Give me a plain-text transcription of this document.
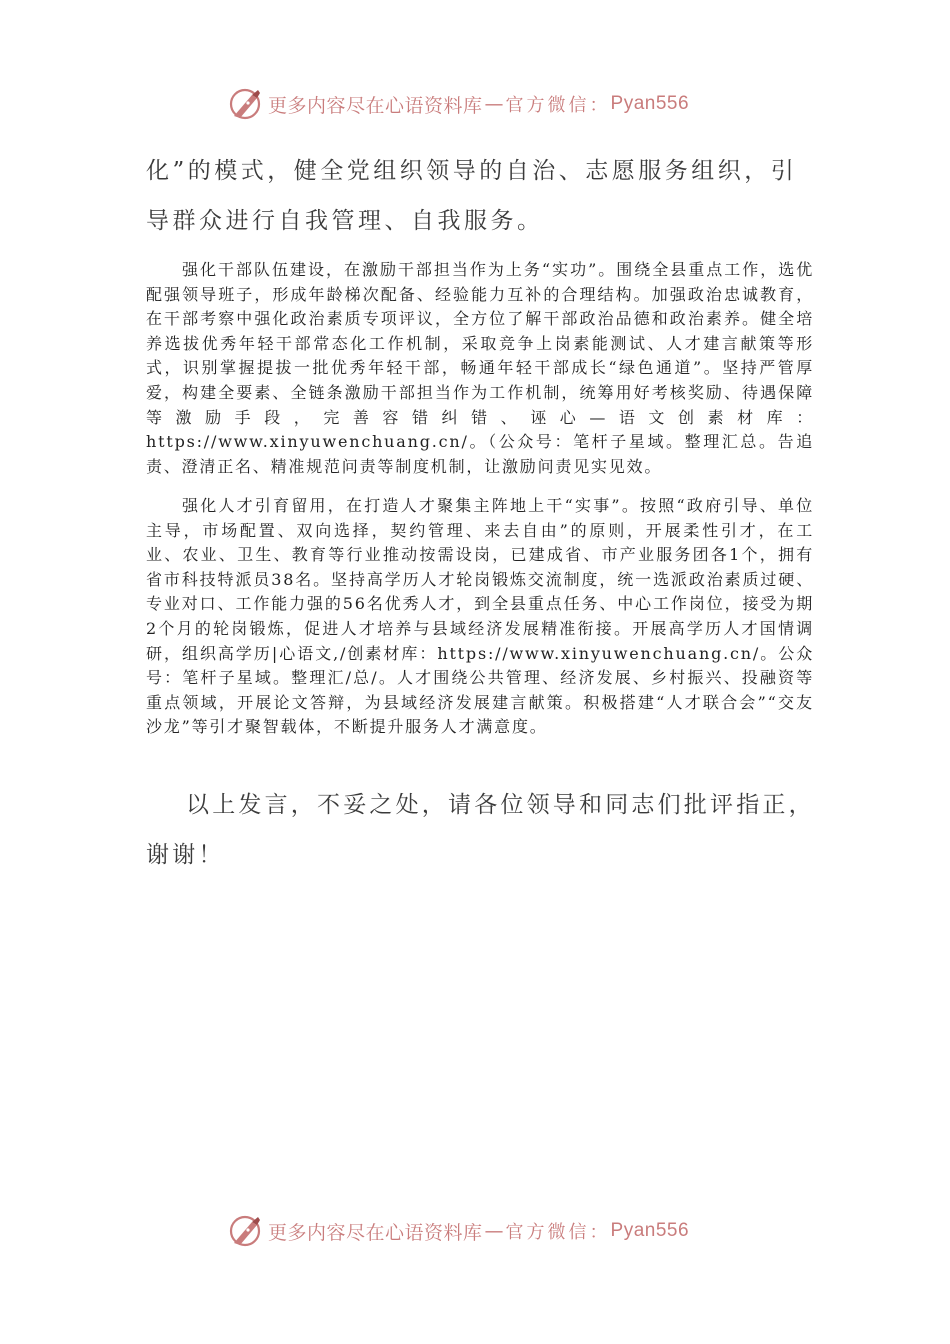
更多内容尽在心语资料库 — 官方微信： Pyan556

化”的模式，健全党组织领导的自治、志愿服务组织，引导群众进行自我管理、自我服务。

强化干部队伍建设，在激励干部担当作为上务“实功”。围绕全县重点工作，选优配强领导班子，形成年龄梯次配备、经验能力互补的合理结构。加强政治忠诚教育，在干部考察中强化政治素质专项评议，全方位了解干部政治品德和政治素养。健全培养选拔优秀年轻干部常态化工作机制，采取竞争上岗素能测试、人才建言献策等形式，识别掌握提拔一批优秀年轻干部，畅通年轻干部成长“绿色通道”。坚持严管厚爱，构建全要素、全链条激励干部担当作为工作机制，统筹用好考核奖励、待遇保障等激励手段，完善容错纠错、诬心—语文创素材库：https://www.xinyuwenchuang.cn/。（公众号：笔杆子星域。整理汇总。告追责、澄清正名、精准规范问责等制度机制，让激励问责见实见效。

强化人才引育留用，在打造人才聚集主阵地上干“实事”。按照“政府引导、单位主导，市场配置、双向选择，契约管理、来去自由”的原则，开展柔性引才，在工业、农业、卫生、教育等行业推动按需设岗，已建成省、市产业服务团各1个，拥有省市科技特派员38名。坚持高学历人才轮岗锻炼交流制度，统一选派政治素质过硬、专业对口、工作能力强的56名优秀人才，到全县重点任务、中心工作岗位，接受为期2个月的轮岗锻炼，促进人才培养与县域经济发展精准衔接。开展高学历人才国情调研，组织高学历|心语文,/创素材库：https://www.xinyuwenchuang.cn/。公众号：笔杆子星域。整理汇/总/。人才围绕公共管理、经济发展、乡村振兴、投融资等重点领域，开展论文答辩，为县域经济发展建言献策。积极搭建“人才联合会”“交友沙龙”等引才聚智载体，不断提升服务人才满意度。

以上发言，不妥之处，请各位领导和同志们批评指正，谢谢！

更多内容尽在心语资料库 — 官方微信： Pyan556
